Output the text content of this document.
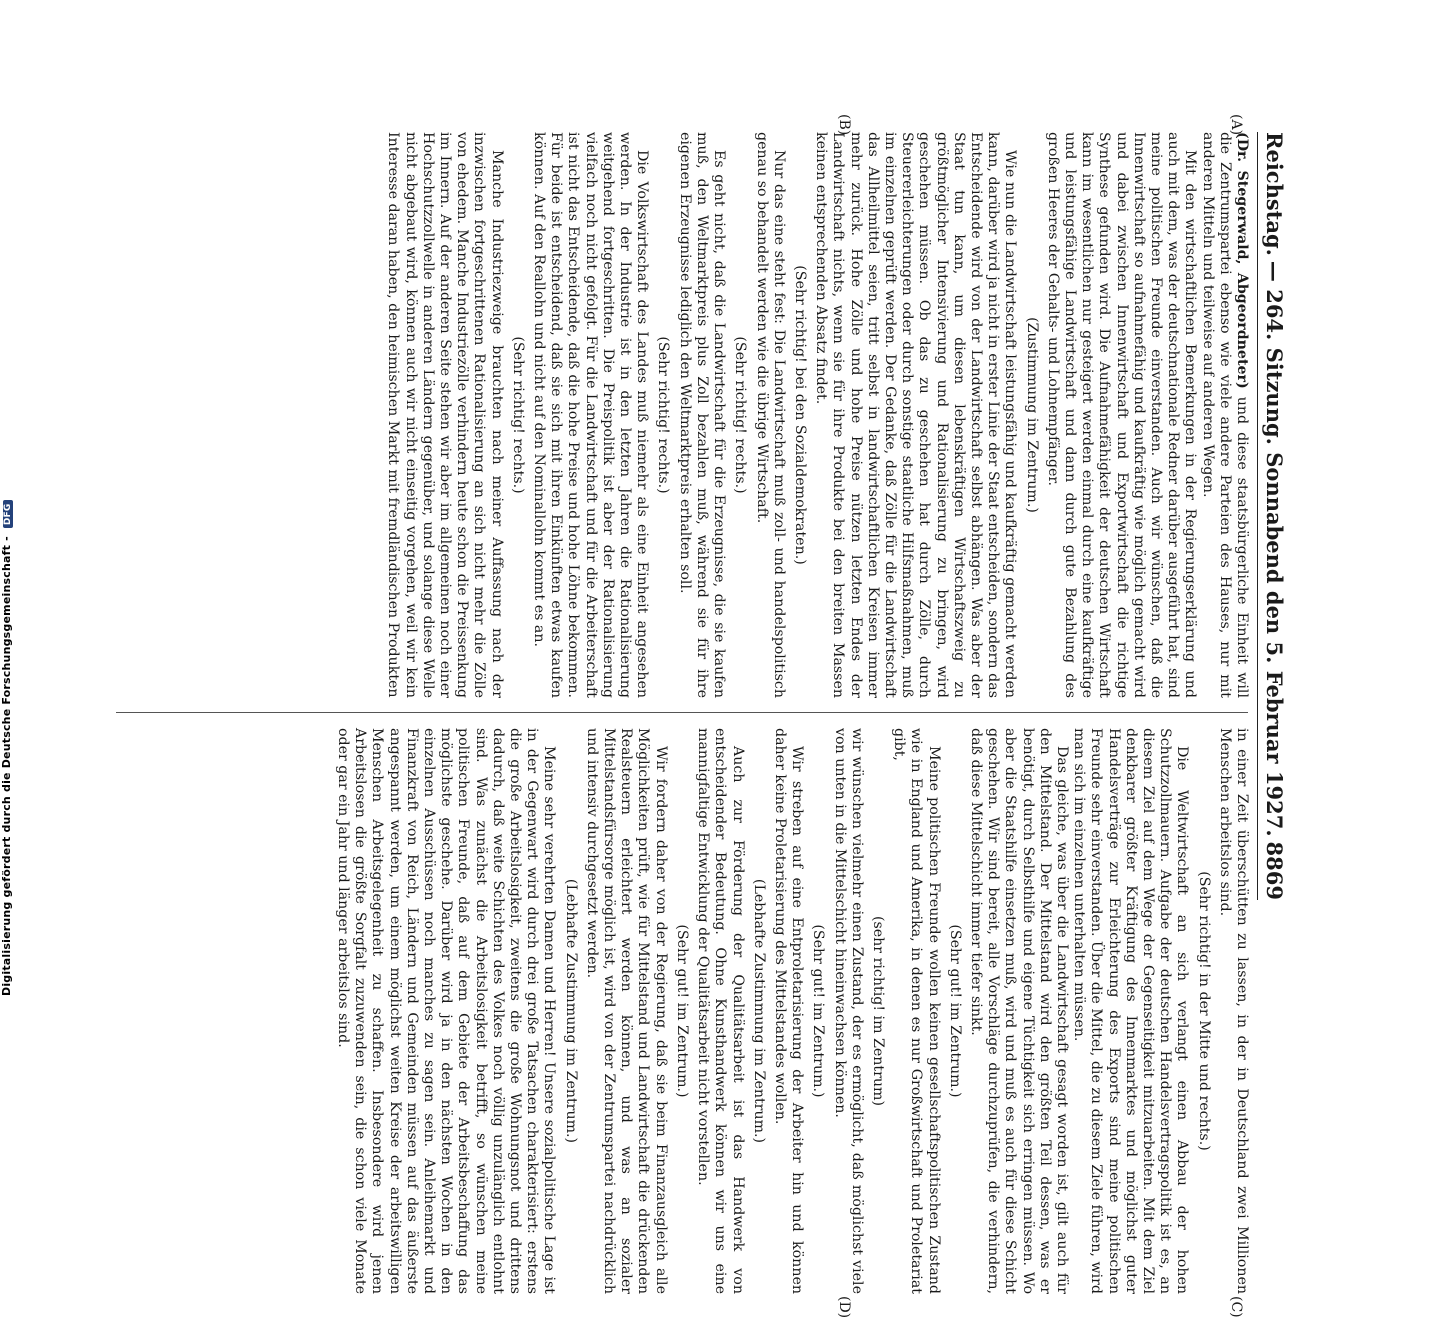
Reichstag.
— 264. Sitzung. Sonnabend den 5. Februar 1927.
8869
(A)
(B)
(C)
(D)

(Dr. Stegerwald, Abgeordneter) und diese staatsbürgerliche Einheit will die Zentrumspartei ebenso wie viele andere Parteien des Hauses, nur mit anderen Mitteln und teilweise auf anderen Wegen.

Mit den wirtschaftlichen Bemerkungen in der Regierungserklärung und auch mit dem, was der deutschnationale Redner darüber ausgeführt hat, sind meine politischen Freunde einverstanden. Auch wir wünschen, daß die Innenwirtschaft so aufnahmefähig und kaufkräftig wie möglich gemacht wird und dabei zwischen Innenwirtschaft und Exportwirtschaft die richtige Synthese gefunden wird. Die Aufnahmefähigkeit der deutschen Wirtschaft kann im wesentlichen nur gesteigert werden einmal durch eine kaufkräftige und leistungsfähige Landwirtschaft und dann durch gute Bezahlung des großen Heeres der Gehalts- und Lohnempfänger.

(Zustimmung im Zentrum.)

Wie nun die Landwirtschaft leistungsfähig und kaufkräftig gemacht werden kann, darüber wird ja nicht in erster Linie der Staat entscheiden, sondern das Entscheidende wird von der Landwirtschaft selbst abhängen. Was aber der Staat tun kann, um diesen lebenskräftigen Wirtschaftszweig zu größtmöglicher Intensivierung und Rationalisierung zu bringen, wird geschehen müssen. Ob das zu geschehen hat durch Zölle, durch Steuererleichterungen oder durch sonstige staatliche Hilfsmaßnahmen, muß im einzelnen geprüft werden. Der Gedanke, daß Zölle für die Landwirtschaft das Allheilmittel seien, tritt selbst in landwirtschaftlichen Kreisen immer mehr zurück. Hohe Zölle und hohe Preise nützen letzten Endes der Landwirtschaft nichts, wenn sie für ihre Produkte bei den breiten Massen keinen entsprechenden Absatz findet.

(Sehr richtig! bei den Sozialdemokraten.)

Nur das eine steht fest: Die Landwirtschaft muß zoll- und handelspolitisch genau so behandelt werden wie die übrige Wirtschaft.

(Sehr richtig! rechts.)

Es geht nicht, daß die Landwirtschaft für die Erzeugnisse, die sie kaufen muß, den Weltmarktpreis plus Zoll bezahlen muß, während sie für ihre eigenen Erzeugnisse lediglich den Weltmarktpreis erhalten soll.

(Sehr richtig! rechts.)

Die Volkswirtschaft des Landes muß niemehr als eine Einheit angesehen werden. In der Industrie ist in den letzten Jahren die Rationalisierung weitgehend fortgeschritten. Die Preispolitik ist aber der Rationalisierung vielfach noch nicht gefolgt. Für die Landwirtschaft und für die Arbeiterschaft ist nicht das Entscheidende, daß die hohe Preise und hohe Löhne bekommen. Für beide ist entscheidend, daß sie sich mit ihren Einkünften etwas kaufen können. Auf den Reallohn und nicht auf den Nominallohn kommt es an.

(Sehr richtig! rechts.)

Manche Industriezweige brauchten nach meiner Auffassung nach der inzwischen fortgeschrittenen Rationalisierung an sich nicht mehr die Zölle von ehedem. Manche Industriezölle verhindern heute schon die Preissenkung im Innern. Auf der anderen Seite stehen wir aber im allgemeinen noch einer Hochschutzzollwelle in anderen Ländern gegenüber, und solange diese Welle nicht abgebaut wird, können auch wir nicht einseitig vorgehen, weil wir kein Interesse daran haben, den heimischen Markt mit fremdländischen Produkten

in einer Zeit überschütten zu lassen, in der in Deutschland zwei Millionen Menschen arbeitslos sind.

(Sehr richtig! in der Mitte und rechts.)

Die Weltwirtschaft an sich verlangt einen Abbau der hohen Schutzzollmauern. Aufgabe der deutschen Handelsvertragspolitik ist es, an diesem Ziel auf dem Wege der Gegenseitigkeit mitzuarbeiten. Mit dem Ziel denkbarer größter Kräftigung des Innenmarktes und möglichst guter Handelsverträge zur Erleichterung des Exports sind meine politischen Freunde sehr einverstanden. Über die Mittel, die zu diesem Ziele führen, wird man sich im einzelnen unterhalten müssen.

Das gleiche, was über die Landwirtschaft gesagt worden ist, gilt auch für den Mittelstand. Der Mittelstand wird den größten Teil dessen, was er benötigt, durch Selbsthilfe und eigene Tüchtigkeit sich erringen müssen. Wo aber die Staatshilfe einsetzen muß, wird und muß es auch für diese Schicht geschehen. Wir sind bereit, alle Vorschläge durchzuprüfen, die verhindern, daß diese Mittelschicht immer tiefer sinkt.

(Sehr gut! im Zentrum.)

Meine politischen Freunde wollen keinen gesellschaftspolitischen Zustand wie in England und Amerika, in denen es nur Großwirtschaft und Proletariat gibt,

(sehr richtig! im Zentrum)

wir wünschen vielmehr einen Zustand, der es ermöglicht, daß möglichst viele von unten in die Mittelschicht hineinwachsen können.

(Sehr gut! im Zentrum.)

Wir streben auf eine Entproletarisierung der Arbeiter hin und können daher keine Proletarisierung des Mittelstandes wollen.

(Lebhafte Zustimmung im Zentrum.)

Auch zur Förderung der Qualitätsarbeit ist das Handwerk von entscheidender Bedeutung. Ohne Kunsthandwerk können wir uns eine mannigfaltige Entwicklung der Qualitätsarbeit nicht vorstellen.

(Sehr gut! im Zentrum.)

Wir fordern daher von der Regierung, daß sie beim Finanzausgleich alle Möglichkeiten prüft, wie für Mittelstand und Landwirtschaft die drückenden Realsteuern erleichtert werden können, und was an sozialer Mittelstandsfürsorge möglich ist, wird von der Zentrumspartei nachdrücklich und intensiv durchgesetzt werden.

(Lebhafte Zustimmung im Zentrum.)

Meine sehr verehrten Damen und Herren! Unsere sozialpolitische Lage ist in der Gegenwart wird durch drei große Tatsachen charakterisiert: erstens die große Arbeitslosigkeit, zweitens die große Wohnungsnot und drittens dadurch, daß weite Schichten des Volkes noch völlig unzulänglich entlohnt sind. Was zunächst die Arbeitslosigkeit betrifft, so wünschen meine politischen Freunde, daß auf dem Gebiete der Arbeitsbeschaffung das möglichste geschehe. Darüber wird ja in den nächsten Wochen in den einzelnen Ausschüssen noch manches zu sagen sein. Anleihemarkt und Finanzkraft von Reich, Ländern und Gemeinden müssen auf das äußerste angespannt werden, um einem möglichst weiten Kreise der arbeitswilligen Menschen Arbeitsgelegenheit zu schaffen. Insbesondere wird jenen Arbeitslosen die größte Sorgfalt zuzuwenden sein, die schon viele Monate oder gar ein Jahr und länger arbeitslos sind.

Digitalisierung gefördert durch die Deutsche Forschungsgemeinschaft - DFG
